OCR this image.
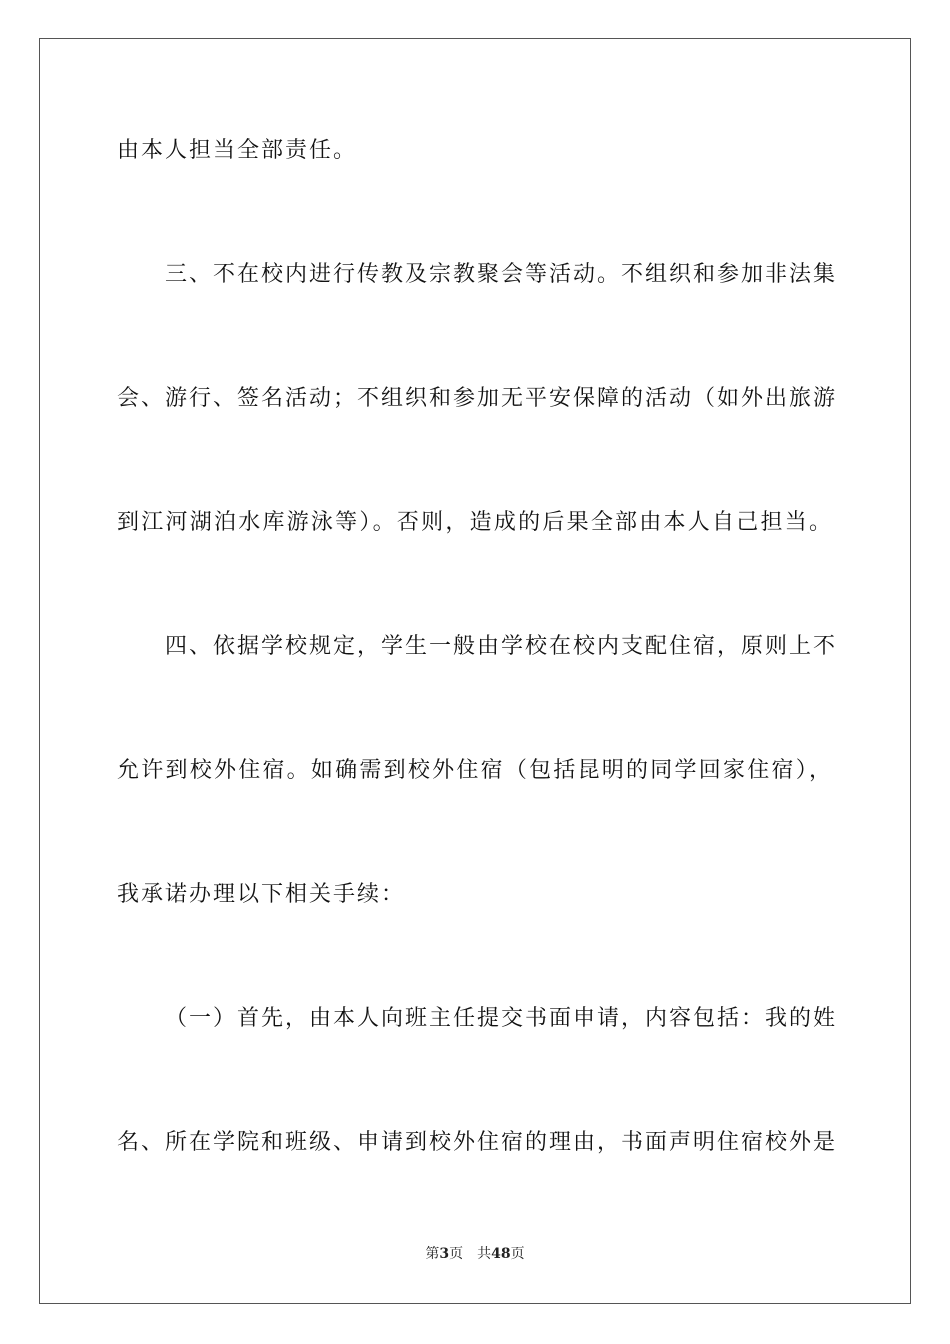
由本人担当全部责任。
三、不在校内进行传教及宗教聚会等活动。不组织和参加非法集
会、游行、签名活动；不组织和参加无平安保障的活动（如外出旅游
到江河湖泊水库游泳等）。否则，造成的后果全部由本人自己担当。
四、依据学校规定，学生一般由学校在校内支配住宿，原则上不
允许到校外住宿。如确需到校外住宿（包括昆明的同学回家住宿），
我承诺办理以下相关手续：
（一）首先，由本人向班主任提交书面申请，内容包括：我的姓
名、所在学院和班级、申请到校外住宿的理由，书面声明住宿校外是
第3页 共48页
